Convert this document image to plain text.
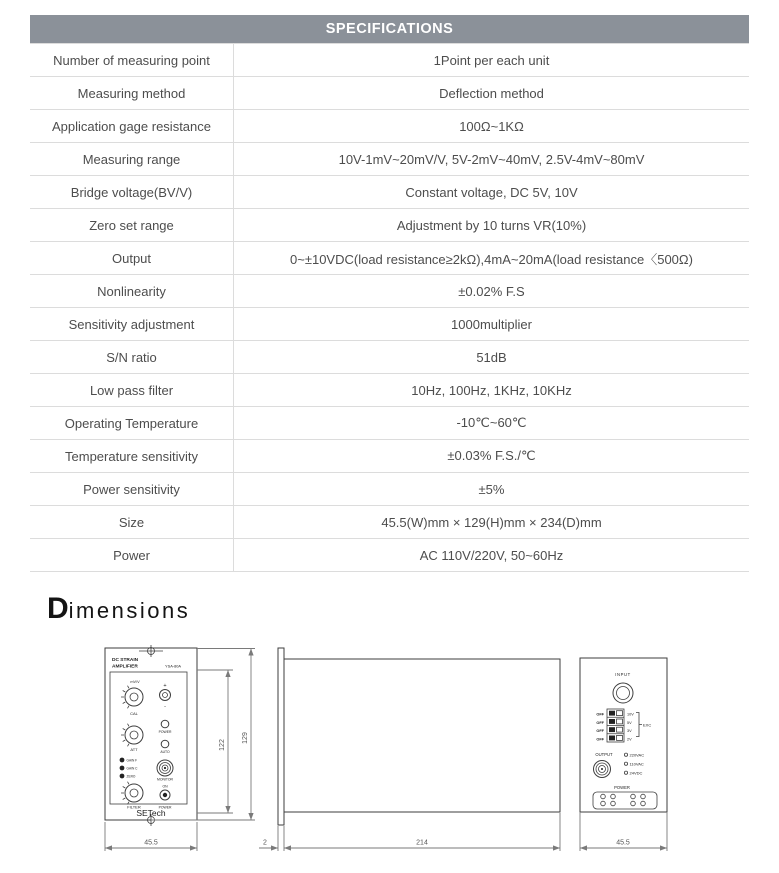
SPECIFICATIONS
Number of measuring point	1Point per each unit
Measuring method	Deflection method
Application gage resistance	100Ω~1KΩ
Measuring range	10V-1mV~20mV/V, 5V-2mV~40mV, 2.5V-4mV~80mV
Bridge voltage(BV/V)	Constant voltage, DC 5V, 10V
Zero set range	Adjustment by 10 turns VR(10%)
Output	0~±10VDC(load resistance≥2kΩ),4mA~20mA(load resistance〈500Ω)
Nonlinearity	±0.02% F.S
Sensitivity adjustment	1000multiplier
S/N ratio	51dB
Low pass filter	10Hz, 100Hz, 1KHz, 10KHz
Operating Temperature	-10℃~60℃
Temperature sensitivity	±0.03% F.S./℃
Power sensitivity	±5%
Size	45.5(W)mm × 129(H)mm × 234(D)mm
Power	AC 110V/220V, 50~60Hz
D imensions
DC STRAIN
AMPLIFIER	YSA-80A
mV/V
CAL
+
-
POWER
AUTO
ATT
GAIN F
GAIN C
ZERO
MONITOR
FILTER
ON
POWER
SETech
45.5
122
129
2	214
INPUT
OFF
OFF
OFF
OFF
10V
5V
3V
2V
EXC
OUTPUT	220VAC
110VAC
24VDC
POWER
45.5
